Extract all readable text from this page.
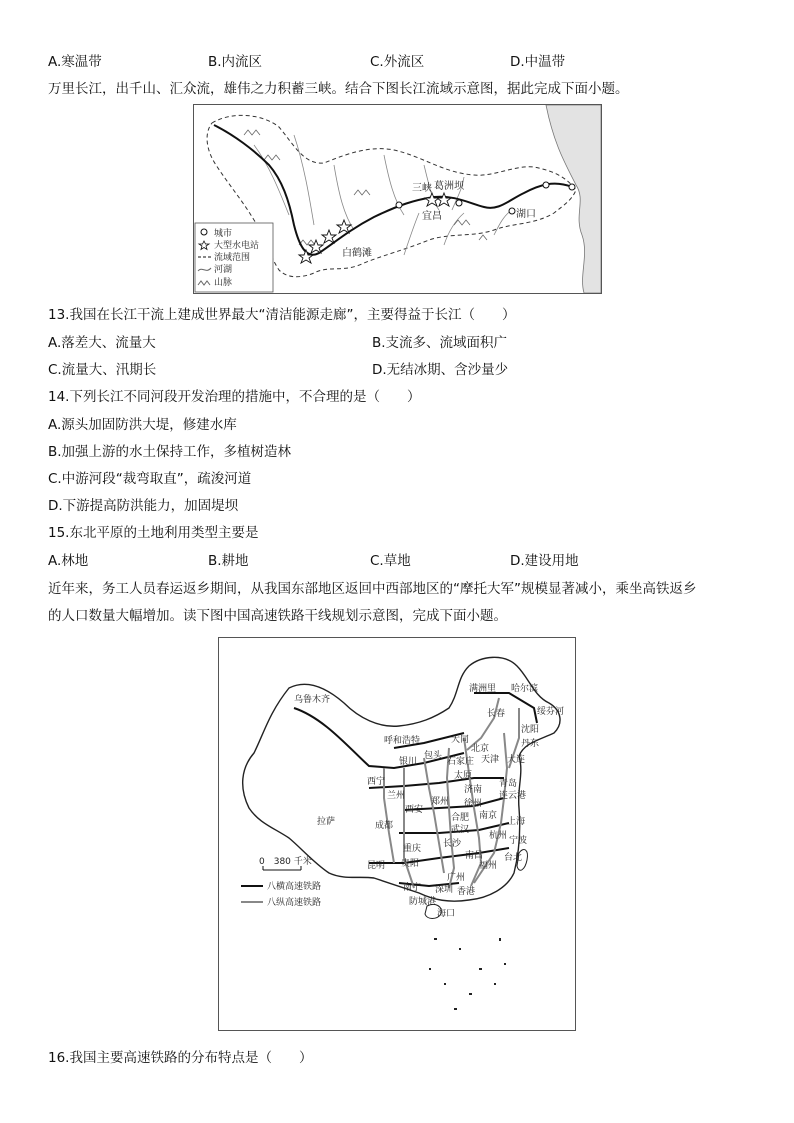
A.寒温带	B.内流区	C.外流区	D.中温带
万里长江，出千山、汇众流，雄伟之力积蓄三峡。结合下图长江流域示意图，据此完成下面小题。
三峡 葛洲坝
宜昌	湖口
白鹤滩
城市
大型水电站
流域范围
河湖
山脉
13.我国在长江干流上建成世界最大“清洁能源走廊”，主要得益于长江（　　）
A.落差大、流量大	B.支流多、流域面积广
C.流量大、汛期长	D.无结冰期、含沙量少
14.下列长江不同河段开发治理的措施中，不合理的是（　　）
A.源头加固防洪大堤，修建水库
B.加强上游的水土保持工作，多植树造林
C.中游河段“裁弯取直”，疏浚河道
D.下游提高防洪能力，加固堤坝
15.东北平原的土地利用类型主要是
A.林地	B.耕地	C.草地	D.建设用地
近年来，务工人员春运返乡期间，从我国东部地区返回中西部地区的“摩托大军”规模显著减小，乘坐高铁返乡
的人口数量大幅增加。读下图中国高速铁路干线规划示意图，完成下面小题。
满洲里 哈尔滨
长春	绥芬河
沈阳
丹东
乌鲁木齐
呼和浩特	大同
北京
天津 大连
银川
包头
石家庄
太原
济南
青岛
西宁
兰州
郑州 徐州
连云港
西安
合肥 南京
上海
拉萨	成都	武汉
杭州
重庆 长沙
南昌
宁波
贵阳	福州
台北
昆明
南宁
广州
深圳 香港
防城港
海口
0　380 千米
八横高速铁路
八纵高速铁路
16.我国主要高速铁路的分布特点是（　　）
